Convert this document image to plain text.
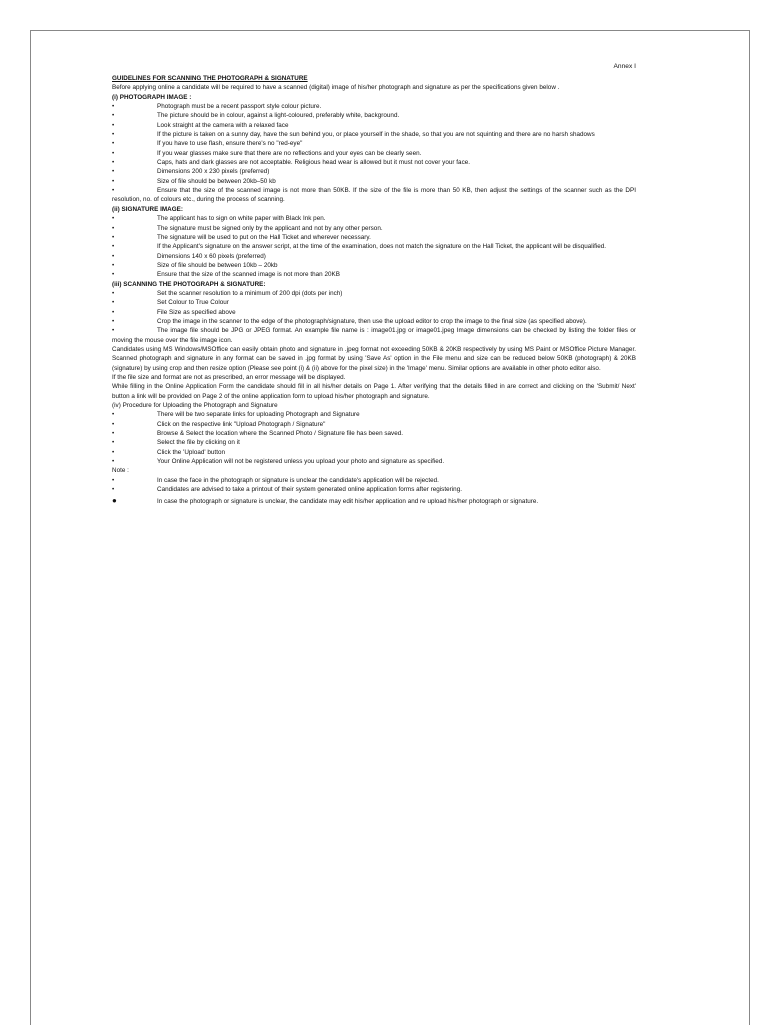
Annex I
GUIDELINES FOR SCANNING THE PHOTOGRAPH & SIGNATURE
Before applying online a candidate will be required to have a scanned (digital) image of his/her photograph and signature as per the specifications given below .
(i) PHOTOGRAPH IMAGE :
•	Photograph must be a recent passport style colour picture.
•	The picture should be in colour, against a light-coloured, preferably white, background.
•	Look straight at the camera with a relaxed face
•	If the picture is taken on a sunny day, have the sun behind you, or place yourself in the shade, so that you are not squinting and there are no harsh shadows
•	If you have to use flash, ensure there's no "red-eye"
•	If you wear glasses make sure that there are no reflections and your eyes can be clearly seen.
•	Caps, hats and dark glasses are not acceptable. Religious head wear is allowed but it must not cover your face.
•	Dimensions 200 x 230 pixels (preferred)
•	Size of file should be between 20kb–50 kb
•	Ensure that the size of the scanned image is not more than 50KB. If the size of the file is more than 50 KB, then adjust the settings of the scanner such as the DPI resolution, no. of colours etc., during the process of scanning.
(ii) SIGNATURE IMAGE:
•	The applicant has to sign on white paper with Black Ink pen.
•	The signature must be signed only by the applicant and not by any other person.
•	The signature will be used to put on the Hall Ticket and wherever necessary.
•	If the Applicant's signature on the answer script, at the time of the examination, does not match the signature on the Hall Ticket, the applicant will be disqualified.
•	Dimensions 140 x 60 pixels (preferred)
•	Size of file should be between 10kb – 20kb
•	Ensure that the size of the scanned image is not more than 20KB
(iii) SCANNING THE PHOTOGRAPH & SIGNATURE:
•	Set the scanner resolution to a minimum of 200 dpi (dots per inch)
•	Set Colour to True Colour
•	File Size as specified above
•	Crop the image in the scanner to the edge of the photograph/signature, then use the upload editor to crop the image to the final size (as specified above).
•	The image file should be JPG or JPEG format. An example file name is : image01.jpg or image01.jpeg Image dimensions can be checked by listing the folder files or moving the mouse over the file image icon.
Candidates using MS Windows/MSOffice can easily obtain photo and signature in .jpeg format not exceeding 50KB & 20KB respectively by using MS Paint or MSOffice Picture Manager. Scanned photograph and signature in any format can be saved in .jpg format by using 'Save As' option in the File menu and size can be reduced below 50KB (photograph) & 20KB (signature) by using crop and then resize option (Please see point (i) & (ii) above for the pixel size) in the 'Image' menu. Similar options are available in other photo editor also.
If the file size and format are not as prescribed, an error message will be displayed.
While filling in the Online Application Form the candidate should fill in all his/her details on Page 1. After verifying that the details filled in are correct and clicking on the 'Submit/ Next' button a link will be provided on Page 2 of the online application form to upload his/her photograph and signature.
(iv) Procedure for Uploading the Photograph and Signature
•	There will be two separate links for uploading Photograph and Signature
•	Click on the respective link "Upload Photograph / Signature"
•	Browse & Select the location where the Scanned Photo / Signature file has been saved.
•	Select the file by clicking on it
•	Click the 'Upload' button
•	Your Online Application will not be registered unless you upload your photo and signature as specified.
Note :
•	In case the face in the photograph or signature is unclear the candidate's application will be rejected.
•	Candidates are advised to take a printout of their system generated online application forms after registering.
●	In case the photograph or signature is unclear, the candidate may edit his/her application and re upload his/her photograph or signature.
